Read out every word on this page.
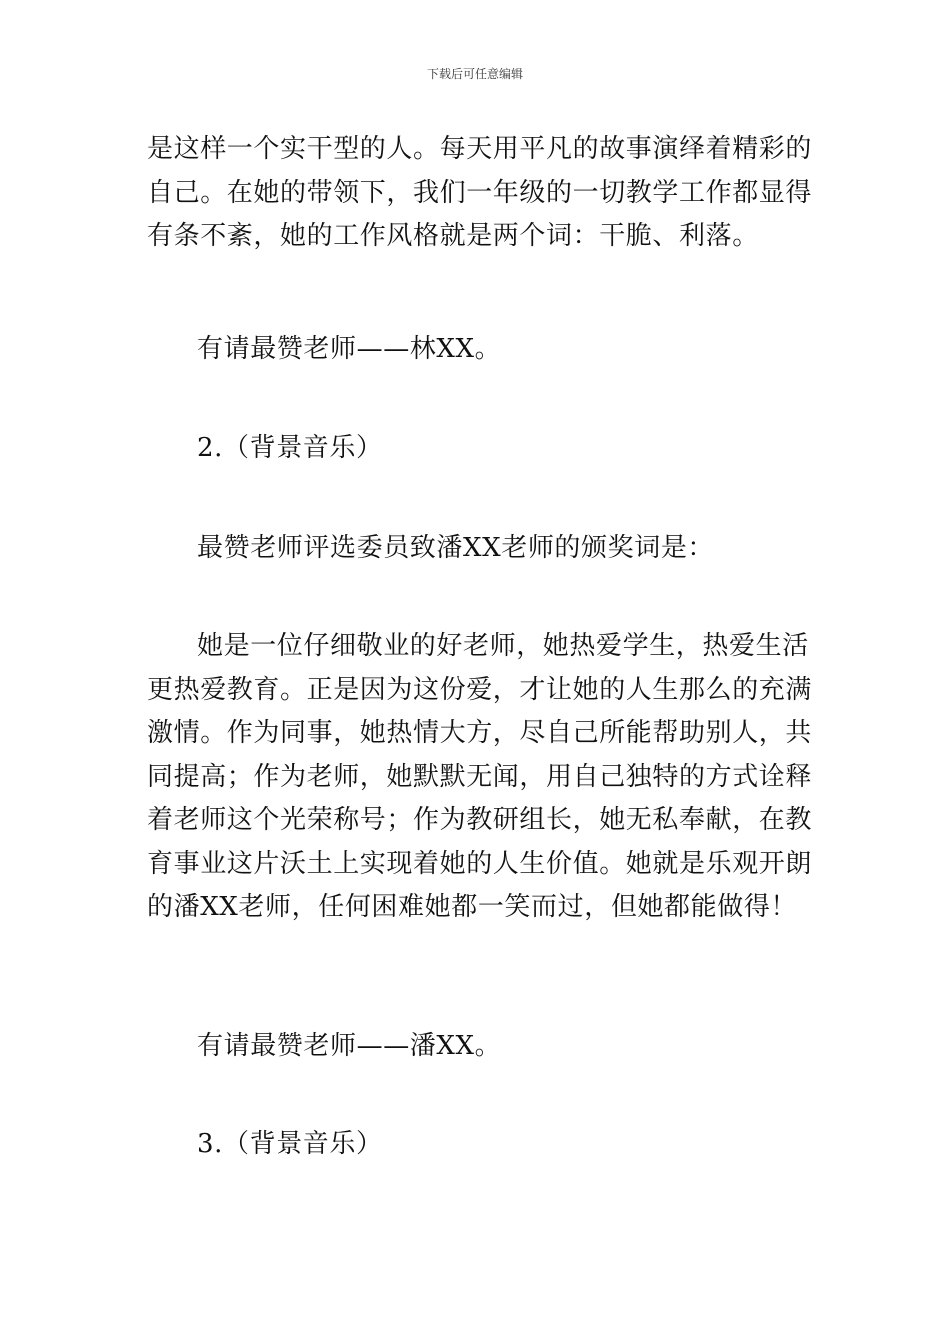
下载后可任意编辑
是这样一个实干型的人。每天用平凡的故事演绎着精彩的
自己。在她的带领下，我们一年级的一切教学工作都显得
有条不紊，她的工作风格就是两个词：干脆、利落。
有请最赞老师——林XX。
2.（背景音乐）
最赞老师评选委员致潘XX老师的颁奖词是：
她是一位仔细敬业的好老师，她热爱学生，热爱生活
更热爱教育。正是因为这份爱，才让她的人生那么的充满
激情。作为同事，她热情大方，尽自己所能帮助别人，共
同提高；作为老师，她默默无闻，用自己独特的方式诠释
着老师这个光荣称号；作为教研组长，她无私奉献，在教
育事业这片沃土上实现着她的人生价值。她就是乐观开朗
的潘XX老师，任何困难她都一笑而过，但她都能做得！
有请最赞老师——潘XX。
3.（背景音乐）
